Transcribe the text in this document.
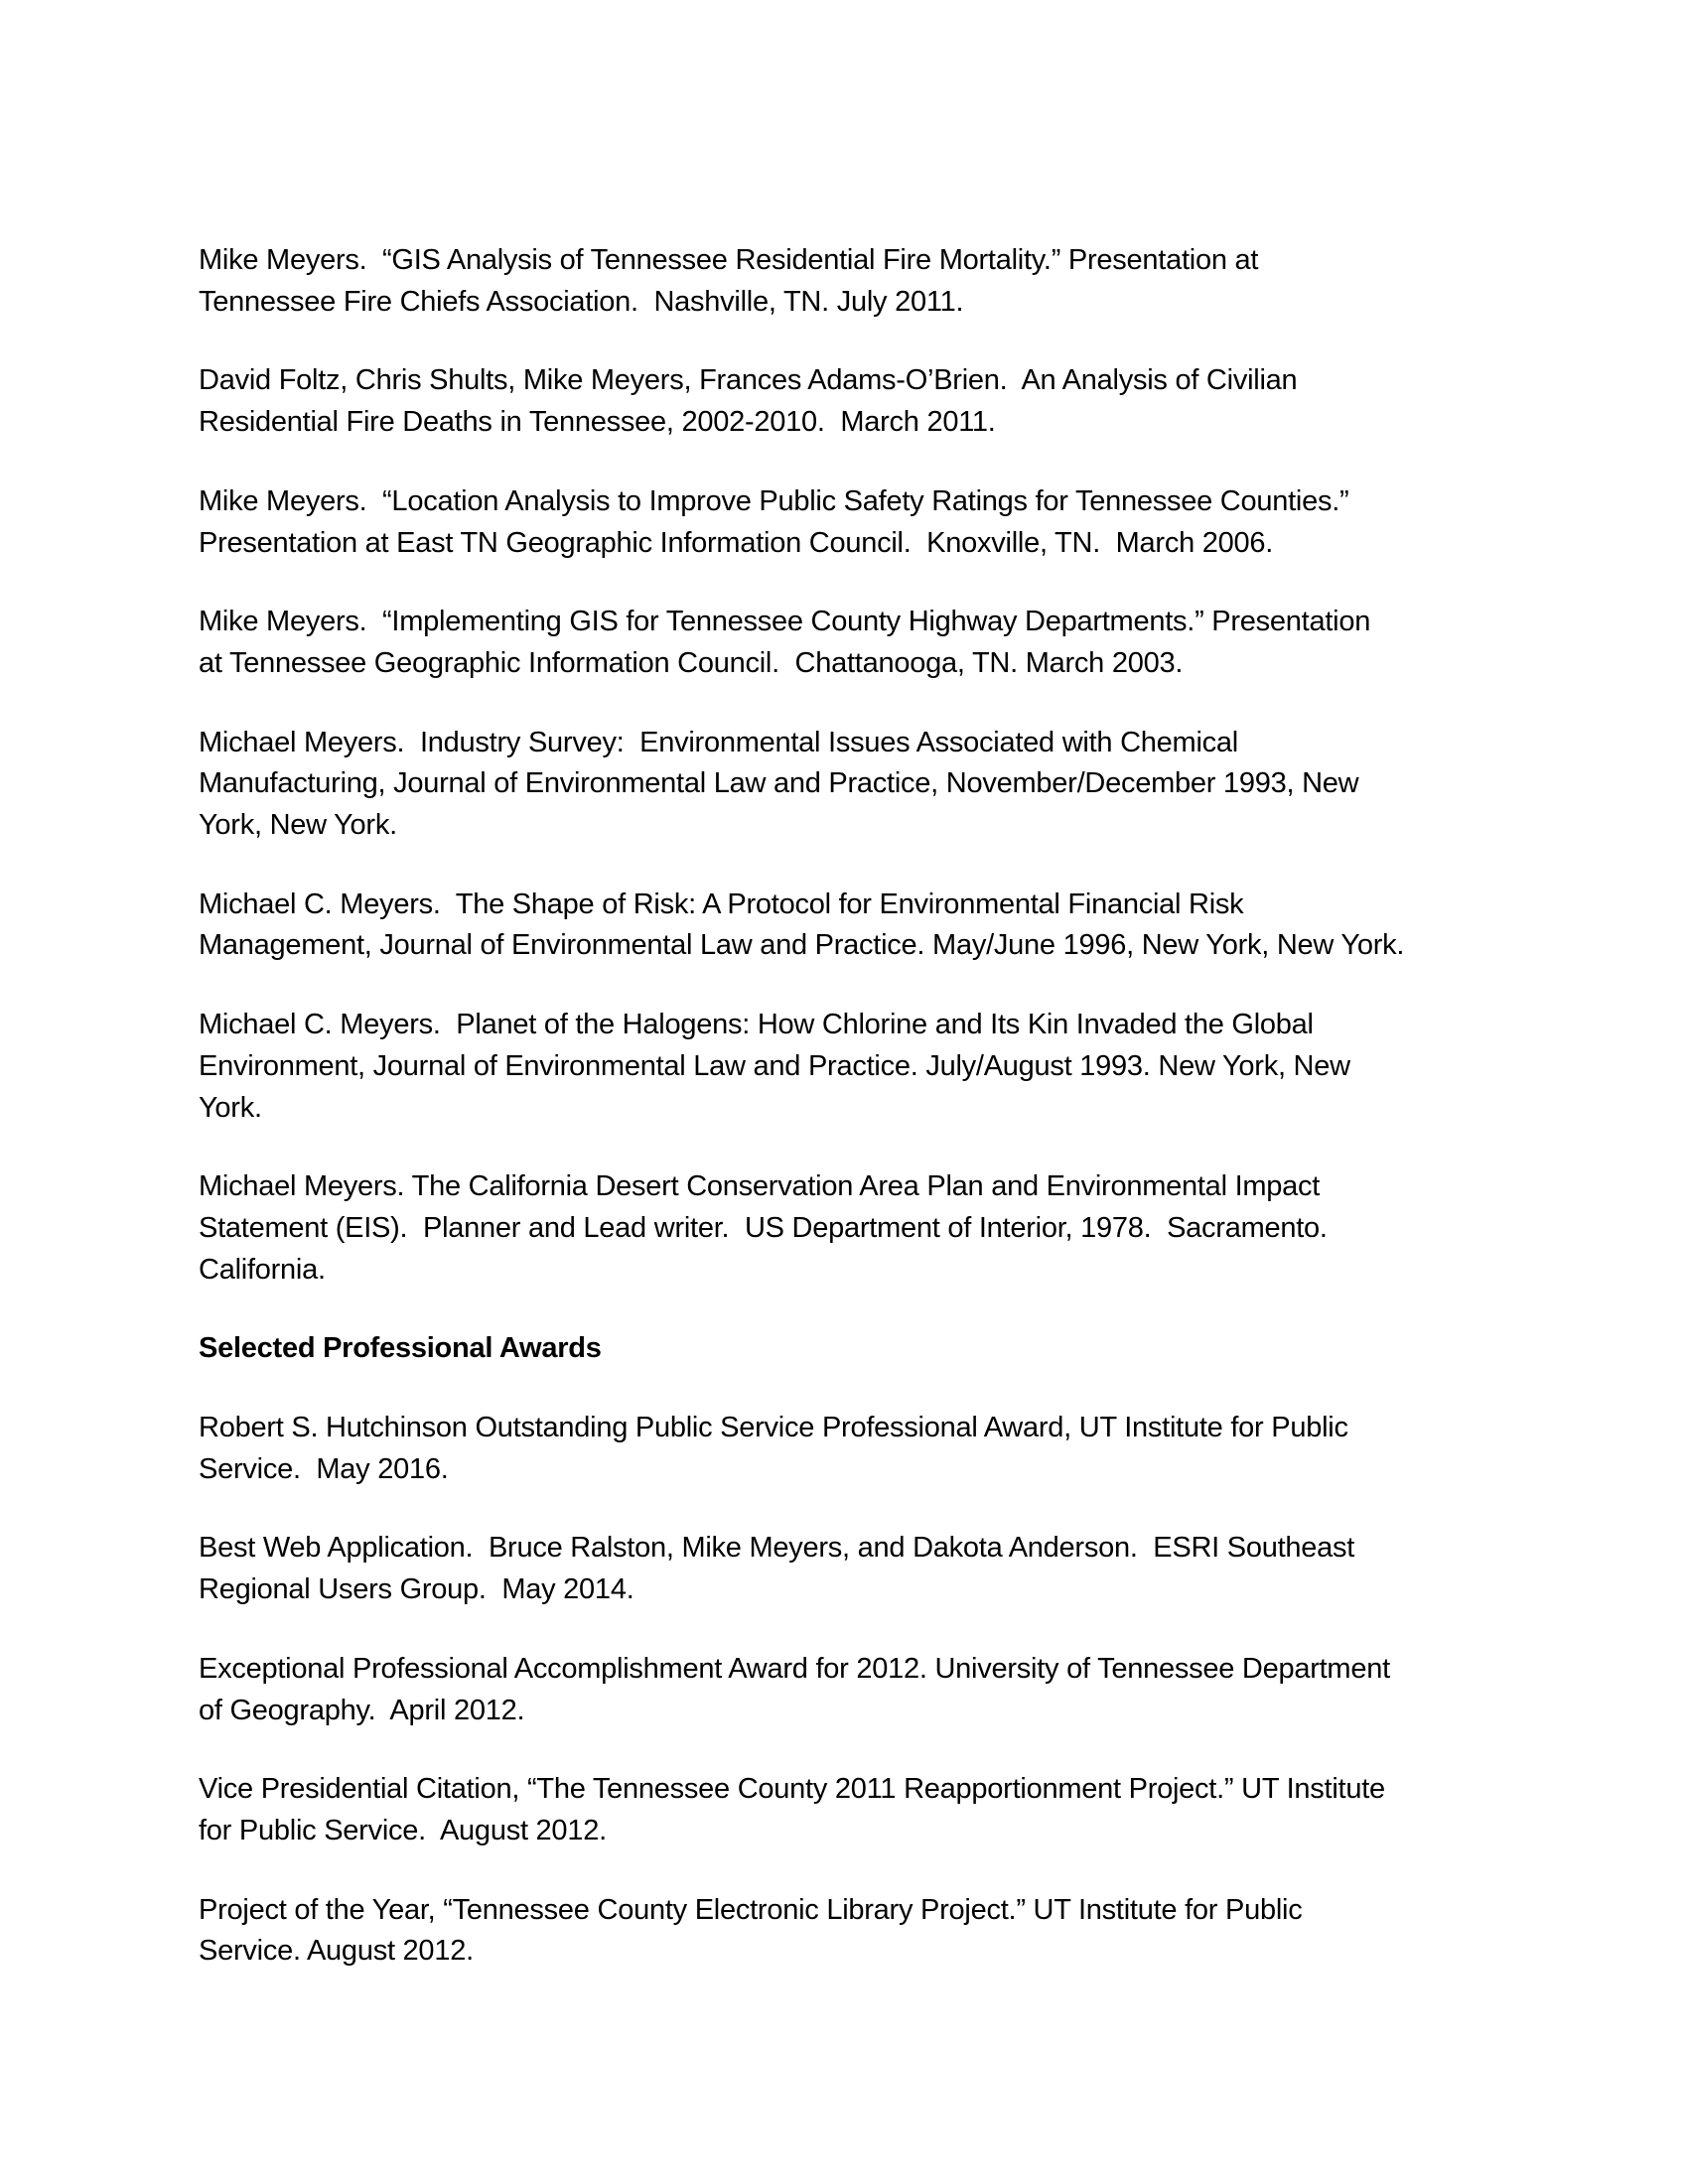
Mike Meyers.  “GIS Analysis of Tennessee Residential Fire Mortality.” Presentation at
Tennessee Fire Chiefs Association.  Nashville, TN. July 2011.

David Foltz, Chris Shults, Mike Meyers, Frances Adams-O’Brien.  An Analysis of Civilian
Residential Fire Deaths in Tennessee, 2002-2010.  March 2011.

Mike Meyers.  “Location Analysis to Improve Public Safety Ratings for Tennessee Counties.”
Presentation at East TN Geographic Information Council.  Knoxville, TN.  March 2006.

Mike Meyers.  “Implementing GIS for Tennessee County Highway Departments.” Presentation
at Tennessee Geographic Information Council.  Chattanooga, TN. March 2003.

Michael Meyers.  Industry Survey:  Environmental Issues Associated with Chemical
Manufacturing, Journal of Environmental Law and Practice, November/December 1993, New
York, New York.

Michael C. Meyers.  The Shape of Risk: A Protocol for Environmental Financial Risk
Management, Journal of Environmental Law and Practice. May/June 1996, New York, New York.

Michael C. Meyers.  Planet of the Halogens: How Chlorine and Its Kin Invaded the Global
Environment, Journal of Environmental Law and Practice. July/August 1993. New York, New
York.

Michael Meyers. The California Desert Conservation Area Plan and Environmental Impact
Statement (EIS).  Planner and Lead writer.  US Department of Interior, 1978.  Sacramento.
California.

Selected Professional Awards

Robert S. Hutchinson Outstanding Public Service Professional Award, UT Institute for Public
Service.  May 2016.

Best Web Application.  Bruce Ralston, Mike Meyers, and Dakota Anderson.  ESRI Southeast
Regional Users Group.  May 2014.

Exceptional Professional Accomplishment Award for 2012. University of Tennessee Department
of Geography.  April 2012.

Vice Presidential Citation, “The Tennessee County 2011 Reapportionment Project.” UT Institute
for Public Service.  August 2012.

Project of the Year, “Tennessee County Electronic Library Project.” UT Institute for Public
Service. August 2012.
